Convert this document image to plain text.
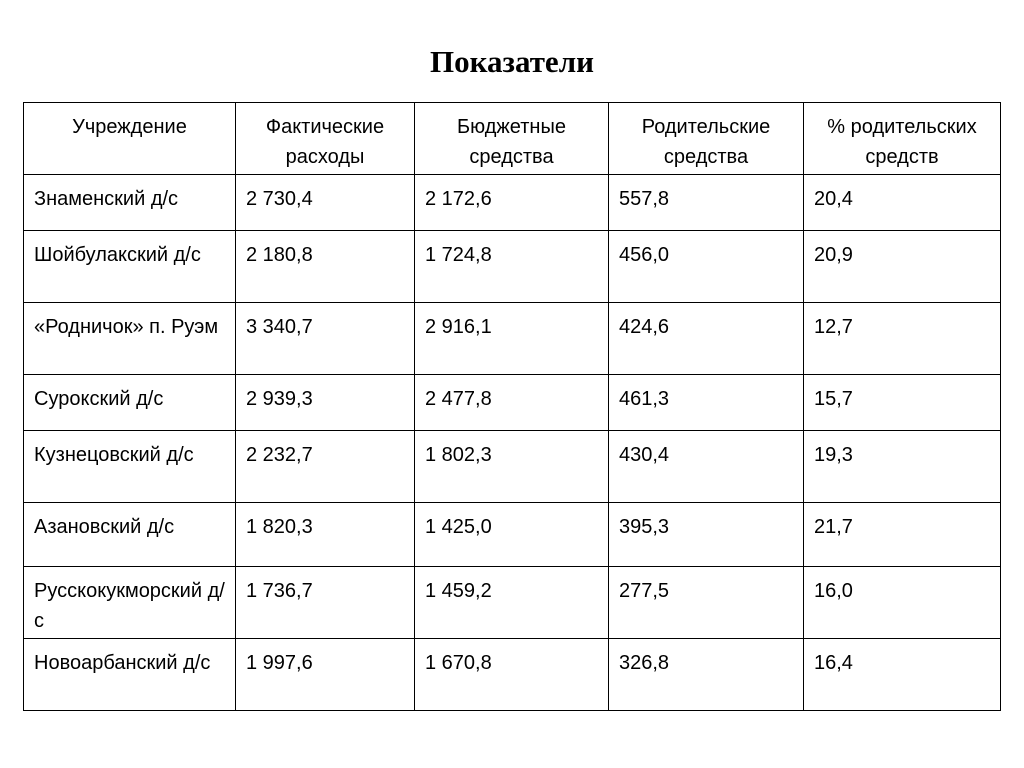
Показатели
Учреждение	Фактические расходы	Бюджетные средства	Родительские средства	% родительских средств
Знаменский д/с	2 730,4	2 172,6	557,8	20,4
Шойбулакский д/с	2 180,8	1 724,8	456,0	20,9
«Родничок» п. Руэм	3 340,7	2 916,1	424,6	12,7
Сурокский д/с	2 939,3	2 477,8	461,3	15,7
Кузнецовский д/с	2 232,7	1 802,3	430,4	19,3
Азановский д/с	1 820,3	1 425,0	395,3	21,7
Русскокукморский д/с	1 736,7	1 459,2	277,5	16,0
Новоарбанский д/с	1 997,6	1 670,8	326,8	16,4
